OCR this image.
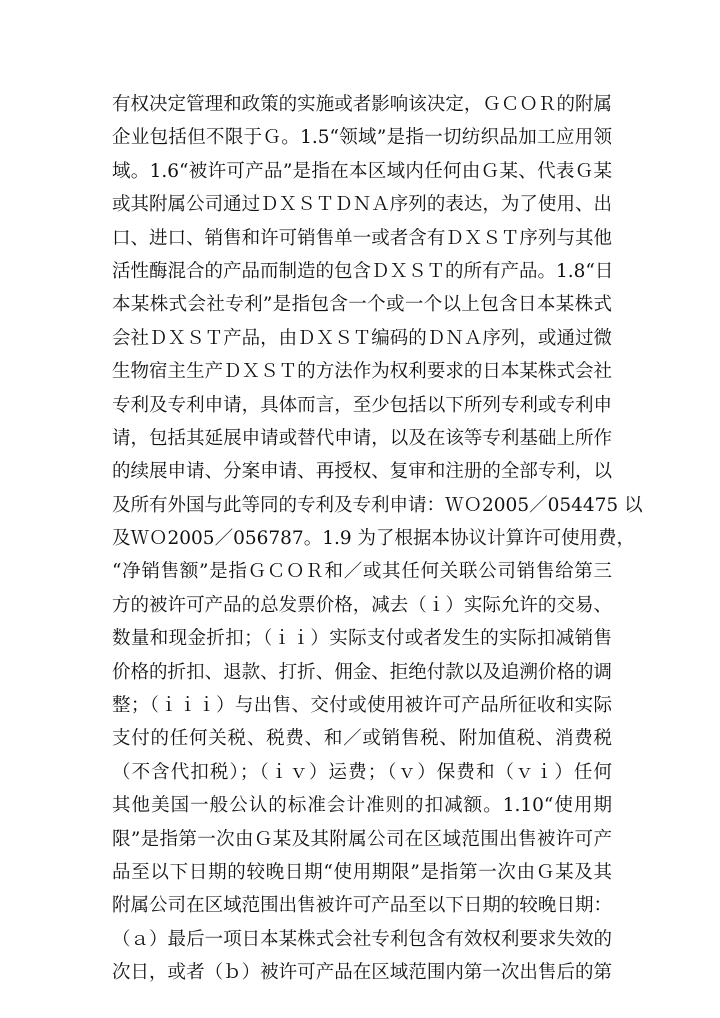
有权决定管理和政策的实施或者影响该决定，ＧＣＯＲ的附属
企业包括但不限于Ｇ。1.5“领域”是指一切纺织品加工应用领
域。1.6“被许可产品”是指在本区域内任何由Ｇ某、代表Ｇ某
或其附属公司通过ＤＸＳＴＤＮＡ序列的表达，为了使用、出
口、进口、销售和许可销售单一或者含有ＤＸＳＴ序列与其他
活性酶混合的产品而制造的包含ＤＸＳＴ的所有产品。1.8“日
本某株式会社专利”是指包含一个或一个以上包含日本某株式
会社ＤＸＳＴ产品，由ＤＸＳＴ编码的ＤＮＡ序列，或通过微
生物宿主生产ＤＸＳＴ的方法作为权利要求的日本某株式会社
专利及专利申请，具体而言，至少包括以下所列专利或专利申
请，包括其延展申请或替代申请，以及在该等专利基础上所作
的续展申请、分案申请、再授权、复审和注册的全部专利，以
及所有外国与此等同的专利及专利申请：ＷＯ2005／054475 以
及ＷＯ2005／056787。1.9 为了根据本协议计算许可使用费，
“净销售额”是指ＧＣＯＲ和／或其任何关联公司销售给第三
方的被许可产品的总发票价格，减去（ｉ）实际允许的交易、
数量和现金折扣；（ｉｉ）实际支付或者发生的实际扣减销售
价格的折扣、退款、打折、佣金、拒绝付款以及追溯价格的调
整；（ｉｉｉ）与出售、交付或使用被许可产品所征收和实际
支付的任何关税、税费、和／或销售税、附加值税、消费税
（不含代扣税）；（ｉｖ）运费；（ｖ）保费和（ｖｉ）任何
其他美国一般公认的标准会计准则的扣减额。1.10“使用期
限”是指第一次由Ｇ某及其附属公司在区域范围出售被许可产
品至以下日期的较晚日期“使用期限”是指第一次由Ｇ某及其
附属公司在区域范围出售被许可产品至以下日期的较晚日期：
（ａ）最后一项日本某株式会社专利包含有效权利要求失效的
次日，或者（ｂ）被许可产品在区域范围内第一次出售后的第
